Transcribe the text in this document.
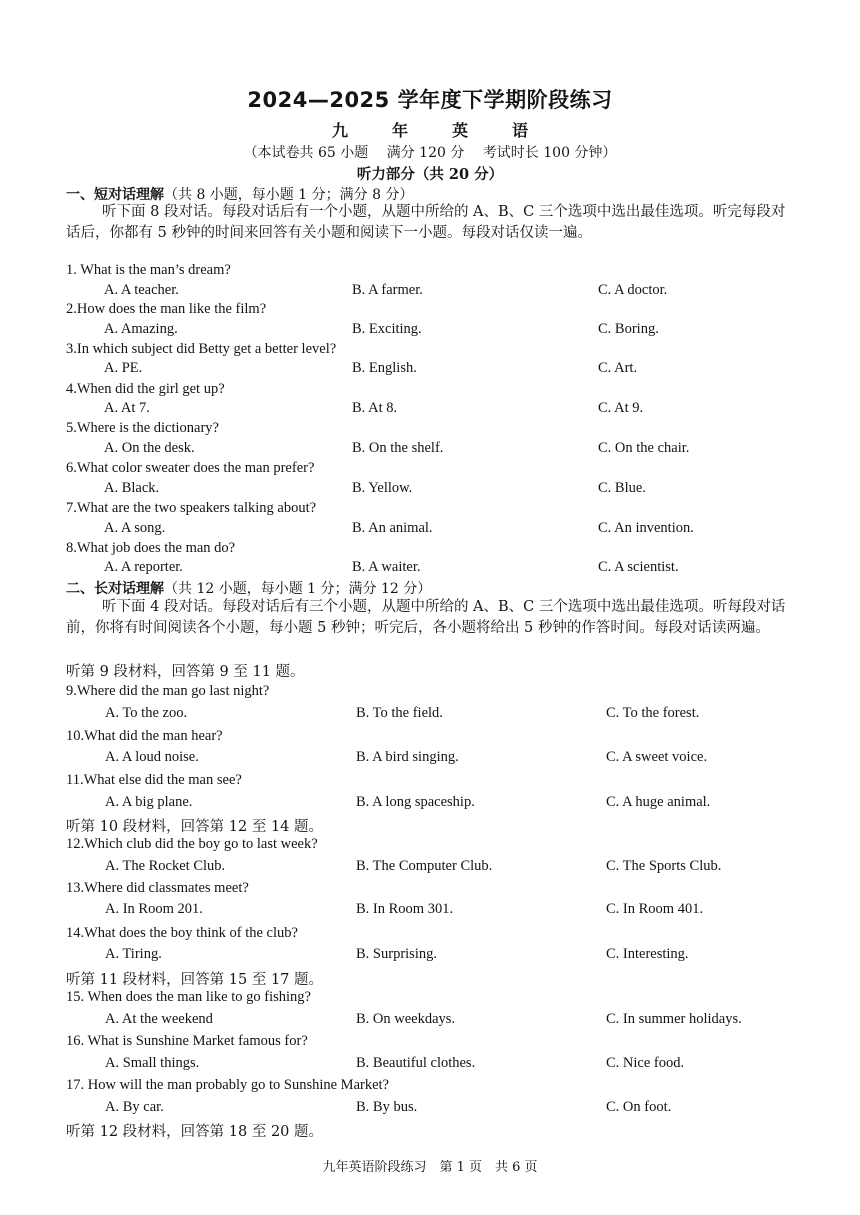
2024—2025 学年度下学期阶段练习
九	年	英	语
（本试卷共 65 小题　 满分 120 分　 考试时长 100 分钟）
听力部分（共 20 分）
一、短对话理解（共 8 小题，每小题 1 分；满分 8 分）
听下面 8 段对话。每段对话后有一个小题，从题中所给的 A、B、C 三个选项中选出最佳选项。听完每段对话后，你都有 5 秒钟的时间来回答有关小题和阅读下一小题。每段对话仅读一遍。
1. What is the man’s dream?
A. A teacher.	B. A farmer.	C. A doctor.
2.How does the man like the film?
A. Amazing.	B. Exciting.	C. Boring.
3.In which subject did Betty get a better level?
A. PE.	B. English.	C. Art.
4.When did the girl get up?
A. At 7.	B. At 8.	C. At 9.
5.Where is the dictionary?
A. On the desk.	B. On the shelf.	C. On the chair.
6.What color sweater does the man prefer?
A. Black.	B. Yellow.	C. Blue.
7.What are the two speakers talking about?
A. A song.	B. An animal.	C. An invention.
8.What job does the man do?
A. A reporter.	B. A waiter.	C. A scientist.
二、长对话理解（共 12 小题，每小题 1 分；满分 12 分）
听下面 4 段对话。每段对话后有三个小题，从题中所给的 A、B、C 三个选项中选出最佳选项。听每段对话前，你将有时间阅读各个小题，每小题 5 秒钟；听完后，各小题将给出 5 秒钟的作答时间。每段对话读两遍。
听第 9 段材料，回答第 9 至 11 题。
听第 10 段材料，回答第 12 至 14 题。
听第 11 段材料，回答第 15 至 17 题。
听第 12 段材料，回答第 18 至 20 题。
9.Where did the man go last night?
A. To the zoo.	B. To the field.	C. To the forest.
10.What did the man hear?
A. A loud noise.	B. A bird singing.	C. A sweet voice.
11.What else did the man see?
A. A big plane.	B. A long spaceship.	C. A huge animal.
12.Which club did the boy go to last week?
A. The Rocket Club.	B. The Computer Club.	C. The Sports Club.
13.Where did classmates meet?
A. In Room 201.	B. In Room 301.	C. In Room 401.
14.What does the boy think of the club?
A. Tiring.	B. Surprising.	C. Interesting.
15. When does the man like to go fishing?
A. At the weekend	B. On weekdays.	C. In summer holidays.
16. What is Sunshine Market famous for?
A. Small things.	B. Beautiful clothes.	C. Nice food.
17. How will the man probably go to Sunshine Market?
A. By car.	B. By bus.	C. On foot.
九年英语阶段练习　第 1 页　共 6 页
